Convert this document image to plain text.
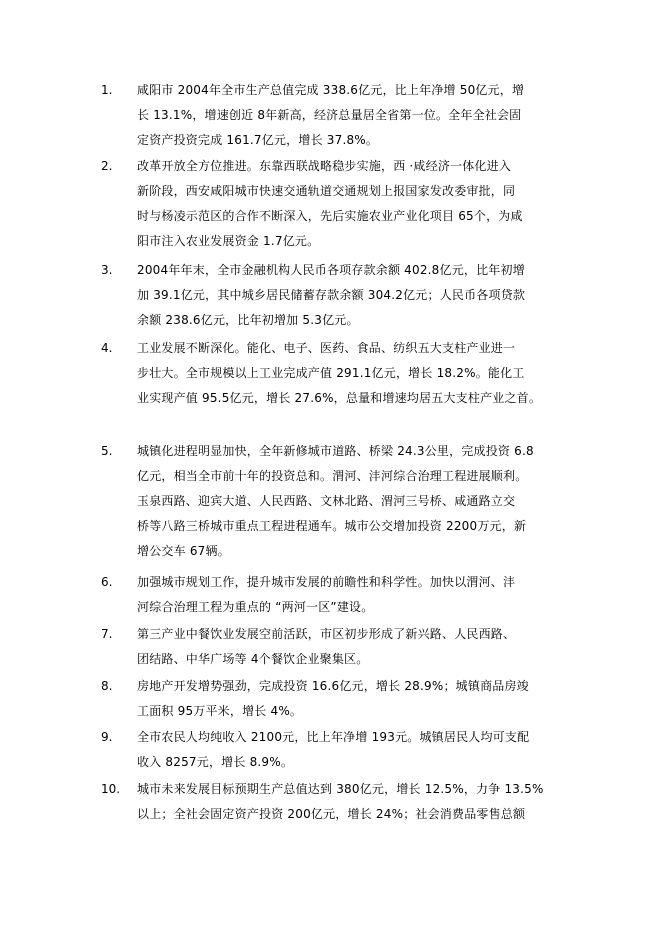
1. 咸阳市 2004年全市生产总值完成 338.6亿元，比上年净增 50亿元，增
长 13.1%，增速创近 8年新高，经济总量居全省第一位。全年全社会固
定资产投资完成 161.7亿元，增长 37.8%。
2. 改革开放全方位推进。东靠西联战略稳步实施，西 ·咸经济一体化进入
新阶段，西安咸阳城市快速交通轨道交通规划上报国家发改委审批，同
时与杨凌示范区的合作不断深入，先后实施农业产业化项目 65个，为咸
阳市注入农业发展资金 1.7亿元。
3. 2004年年末，全市金融机构人民币各项存款余额 402.8亿元，比年初增
加 39.1亿元，其中城乡居民储蓄存款余额 304.2亿元；人民币各项贷款
余额 238.6亿元，比年初增加 5.3亿元。
4. 工业发展不断深化。能化、电子、医药、食品、纺织五大支柱产业进一
步壮大。全市规模以上工业完成产值 291.1亿元，增长 18.2%。能化工
业实现产值 95.5亿元，增长 27.6%，总量和增速均居五大支柱产业之首。
5. 城镇化进程明显加快，全年新修城市道路、桥梁 24.3公里，完成投资 6.8
亿元，相当全市前十年的投资总和。渭河、沣河综合治理工程进展顺利。
玉泉西路、迎宾大道、人民西路、文林北路、渭河三号桥、咸通路立交
桥等八路三桥城市重点工程进程通车。城市公交增加投资 2200万元，新
增公交车 67辆。
6. 加强城市规划工作，提升城市发展的前瞻性和科学性。加快以渭河、沣
河综合治理工程为重点的 “两河一区”建设。
7. 第三产业中餐饮业发展空前活跃，市区初步形成了新兴路、人民西路、
团结路、中华广场等 4个餐饮企业聚集区。
8. 房地产开发增势强劲，完成投资 16.6亿元，增长 28.9%；城镇商品房竣
工面积 95万平米，增长 4%。
9. 全市农民人均纯收入 2100元，比上年净增 193元。城镇居民人均可支配
收入 8257元，增长 8.9%。
10. 城市未来发展目标预期生产总值达到 380亿元，增长 12.5%，力争 13.5%
以上；全社会固定资产投资 200亿元，增长 24%；社会消费品零售总额
